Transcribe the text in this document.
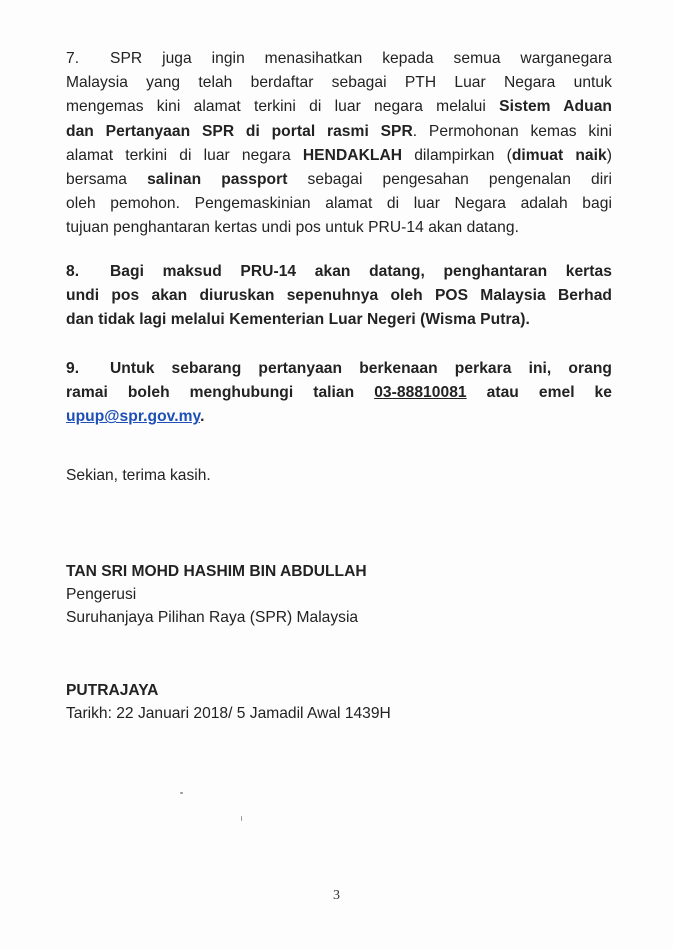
7. SPR juga ingin menasihatkan kepada semua warganegara
Malaysia yang telah berdaftar sebagai PTH Luar Negara untuk
mengemas kini alamat terkini di luar negara melalui Sistem Aduan
dan Pertanyaan SPR di portal rasmi SPR. Permohonan kemas kini
alamat terkini di luar negara HENDAKLAH dilampirkan (dimuat naik)
bersama salinan passport sebagai pengesahan pengenalan diri
oleh pemohon. Pengemaskinian alamat di luar Negara adalah bagi
tujuan penghantaran kertas undi pos untuk PRU-14 akan datang.
8. Bagi maksud PRU-14 akan datang, penghantaran kertas
undi pos akan diuruskan sepenuhnya oleh POS Malaysia Berhad
dan tidak lagi melalui Kementerian Luar Negeri (Wisma Putra).
9. Untuk sebarang pertanyaan berkenaan perkara ini, orang
ramai boleh menghubungi talian 03-88810081 atau emel ke
upup@spr.gov.my.
Sekian, terima kasih.
TAN SRI MOHD HASHIM BIN ABDULLAH
Pengerusi
Suruhanjaya Pilihan Raya (SPR) Malaysia
PUTRAJAYA
Tarikh: 22 Januari 2018/ 5 Jamadil Awal 1439H
3
